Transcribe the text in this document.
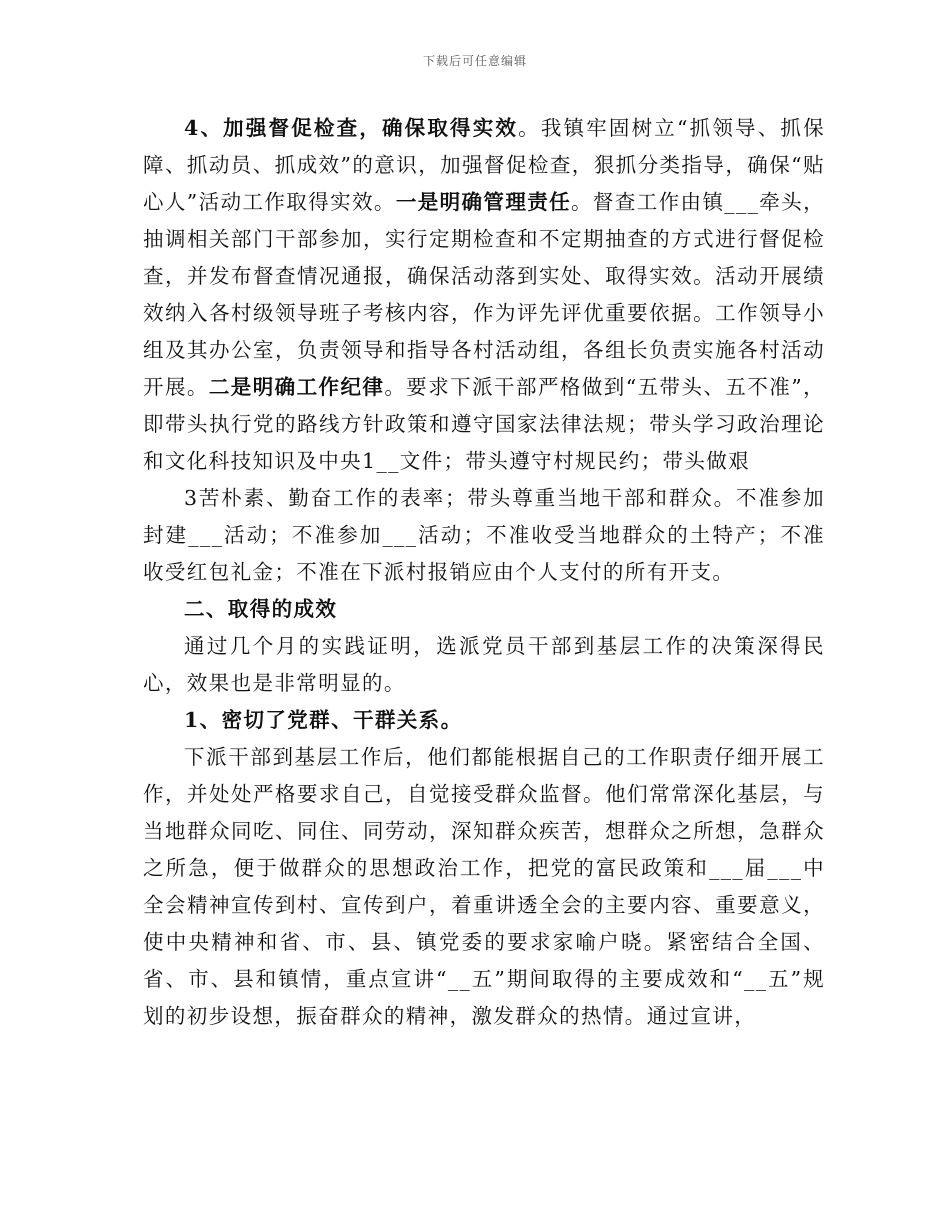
下载后可任意编辑

4、加强督促检查，确保取得实效。我镇牢固树立“抓领导、抓保障、抓动员、抓成效”的意识，加强督促检查，狠抓分类指导，确保“贴心人”活动工作取得实效。一是明确管理责任。督查工作由镇___牵头，抽调相关部门干部参加，实行定期检查和不定期抽查的方式进行督促检查，并发布督查情况通报，确保活动落到实处、取得实效。活动开展绩效纳入各村级领导班子考核内容，作为评先评优重要依据。工作领导小组及其办公室，负责领导和指导各村活动组，各组长负责实施各村活动开展。二是明确工作纪律。要求下派干部严格做到“五带头、五不准”，即带头执行党的路线方针政策和遵守国家法律法规；带头学习政治理论和文化科技知识及中央1__文件；带头遵守村规民约；带头做艰

3苦朴素、勤奋工作的表率；带头尊重当地干部和群众。不准参加封建___活动；不准参加___活动；不准收受当地群众的土特产；不准收受红包礼金；不准在下派村报销应由个人支付的所有开支。

二、取得的成效

通过几个月的实践证明，选派党员干部到基层工作的决策深得民心，效果也是非常明显的。

1、密切了党群、干群关系。

下派干部到基层工作后，他们都能根据自己的工作职责仔细开展工作，并处处严格要求自己，自觉接受群众监督。他们常常深化基层，与当地群众同吃、同住、同劳动，深知群众疾苦，想群众之所想，急群众之所急，便于做群众的思想政治工作，把党的富民政策和___届___中全会精神宣传到村、宣传到户，着重讲透全会的主要内容、重要意义，使中央精神和省、市、县、镇党委的要求家喻户晓。紧密结合全国、省、市、县和镇情，重点宣讲“__五”期间取得的主要成效和“__五”规划的初步设想，振奋群众的精神，激发群众的热情。通过宣讲，
